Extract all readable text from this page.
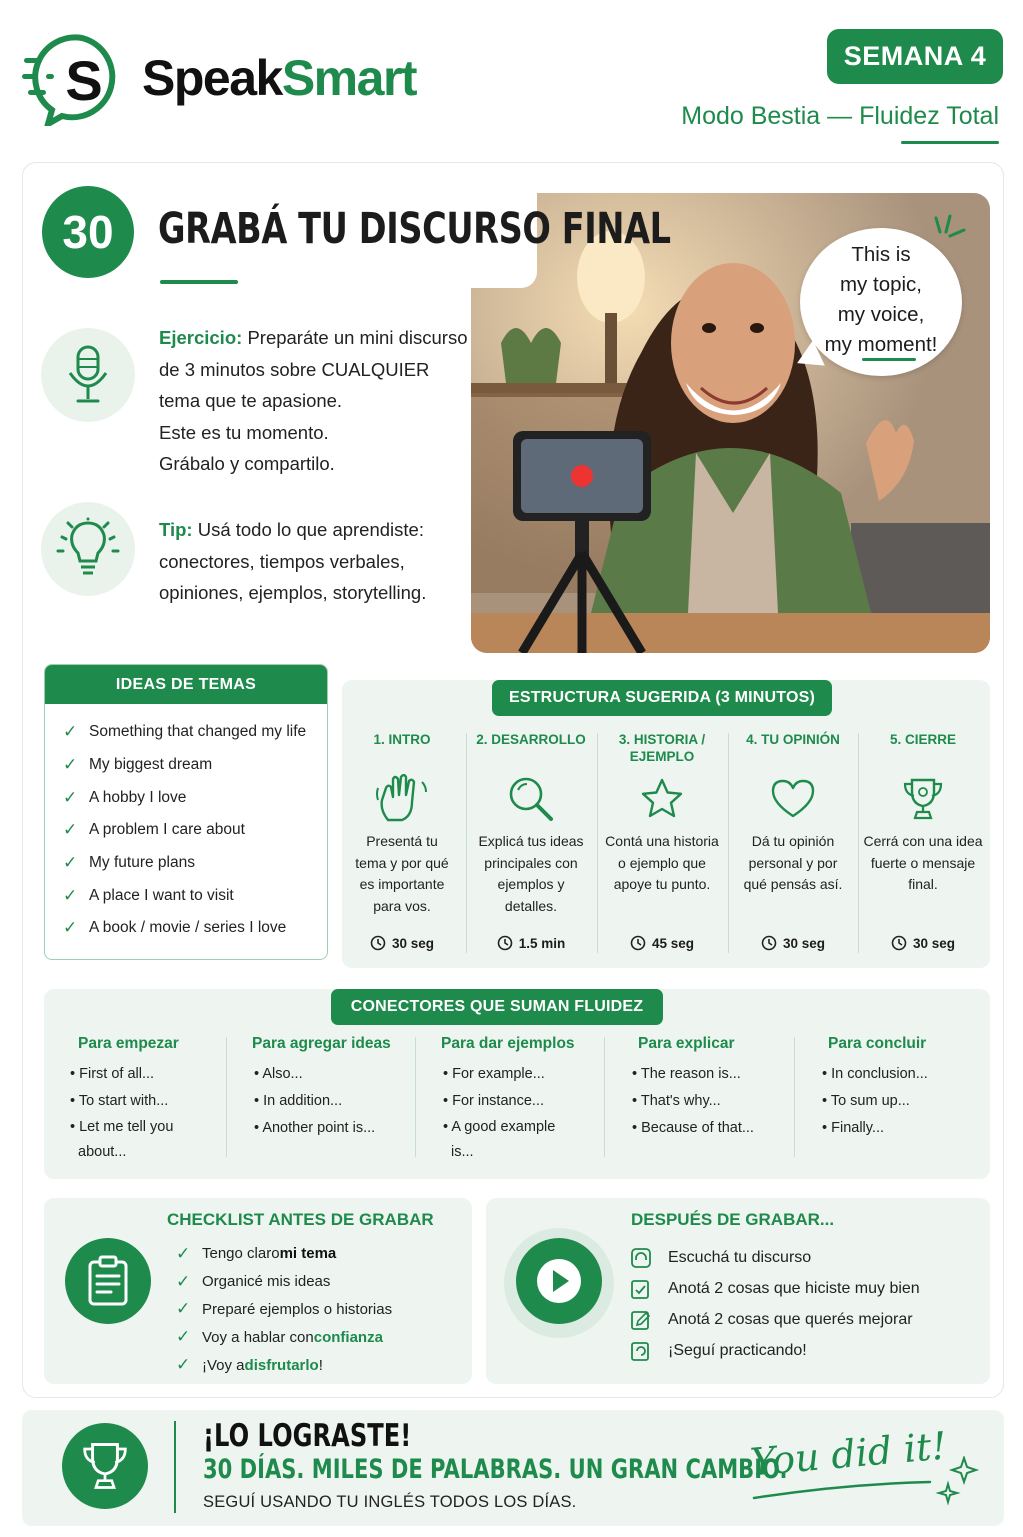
S SpeakSmart	SEMANA 4
Modo Bestia — Fluidez Total
This is
my topic,
my voice,
my moment!
30	GRABÁ TU DISCURSO FINAL
Ejercicio: Preparáte un mini discurso
de 3 minutos sobre CUALQUIER
tema que te apasione.
Este es tu momento.
Grábalo y compartilo.
Tip: Usá todo lo que aprendiste:
conectores, tiempos verbales,
opiniones, ejemplos, storytelling.
IDEAS DE TEMAS
✓ Something that changed my life
✓ My biggest dream
✓ A hobby I love
✓ A problem I care about
✓ My future plans
✓ A place I want to visit
✓ A book / movie / series I love
ESTRUCTURA SUGERIDA (3 MINUTOS)
1. INTRO
Presentá tu
tema y por qué
es importante
para vos.
30 seg
2. DESARROLLO
Explicá tus ideas
principales con
ejemplos y
detalles.
1.5 min
3. HISTORIA / EJEMPLO
Contá una historia
o ejemplo que
apoye tu punto.
45 seg
4. TU OPINIÓN
Dá tu opinión
personal y por
qué pensás así.
30 seg
5. CIERRE
Cerrá con una idea
fuerte o mensaje
final.
30 seg
CONECTORES QUE SUMAN FLUIDEZ
Para empezar
• First of all...
• To start with...
• Let me tell you about...
Para agregar ideas
• Also...
• In addition...
• Another point is...
Para dar ejemplos
• For example...
• For instance...
• A good example is...
Para explicar
• The reason is...
• That's why...
• Because of that...
Para concluir
• In conclusion...
• To sum up...
• Finally...
CHECKLIST ANTES DE GRABAR
✓ Tengo claro mi tema
✓ Organicé mis ideas
✓ Preparé ejemplos o historias
✓ Voy a hablar con confianza
✓ ¡Voy a disfrutarlo !
DESPUÉS DE GRABAR...
Escuchá tu discurso
Anotá 2 cosas que hiciste muy bien
Anotá 2 cosas que querés mejorar
¡Seguí practicando!
¡LO LOGRASTE!
30 DÍAS. MILES DE PALABRAS. UN GRAN CAMBIO.
SEGUÍ USANDO TU INGLÉS TODOS LOS DÍAS.
You did it!
